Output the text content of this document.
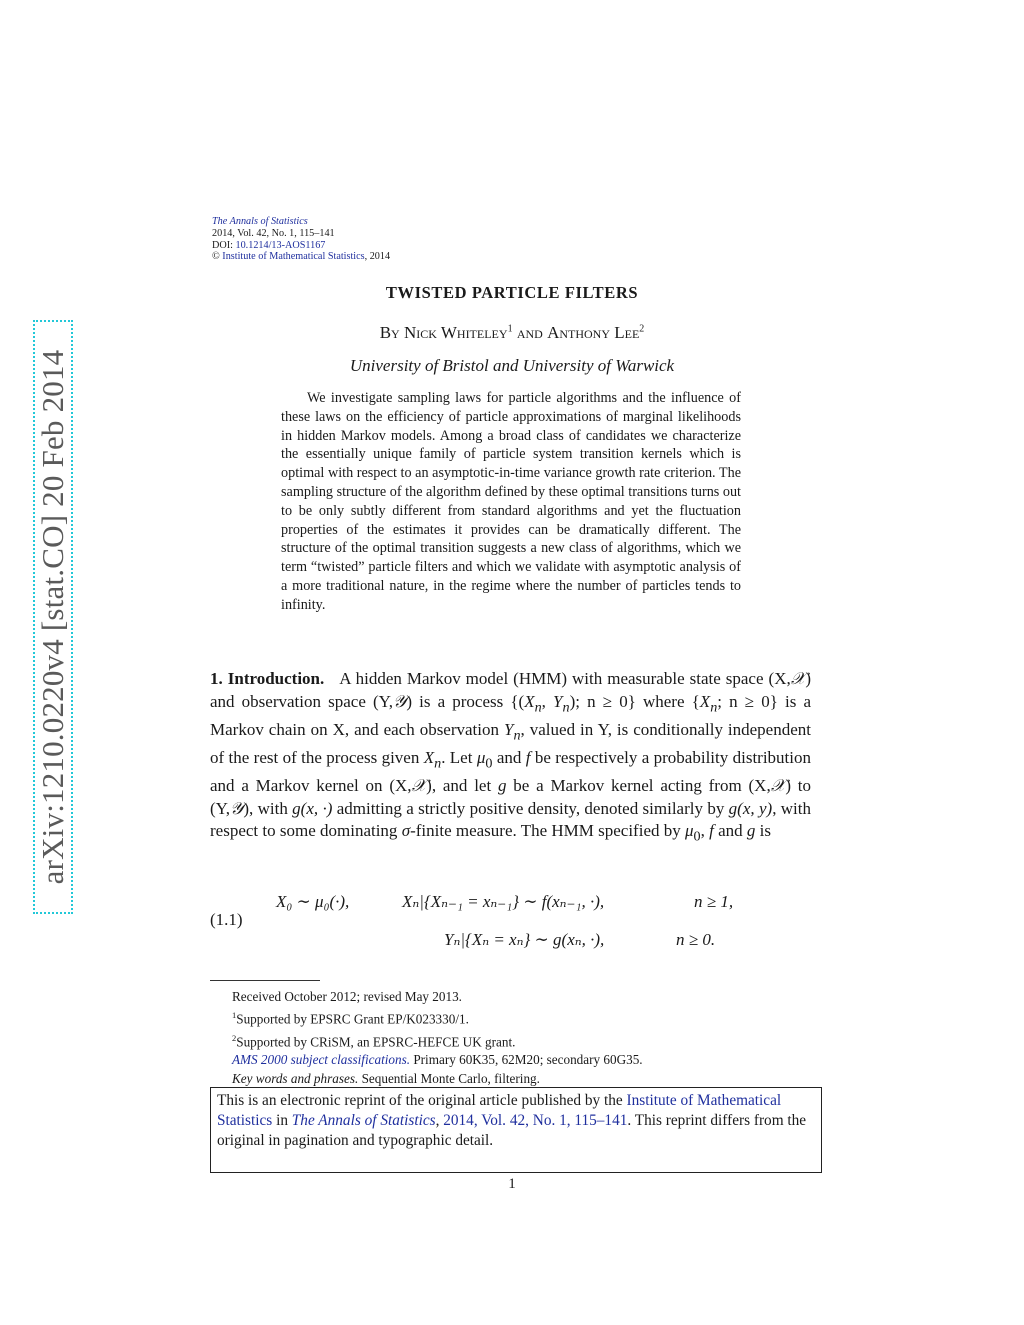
arXiv:1210.0220v4 [stat.CO] 20 Feb 2014
The Annals of Statistics
2014, Vol. 42, No. 1, 115–141
DOI: 10.1214/13-AOS1167
© Institute of Mathematical Statistics, 2014
TWISTED PARTICLE FILTERS
By Nick Whiteley$^1$ and Anthony Lee$^2$
University of Bristol and University of Warwick
We investigate sampling laws for particle algorithms and the influence of these laws on the efficiency of particle approximations of marginal likelihoods in hidden Markov models. Among a broad class of candidates we characterize the essentially unique family of particle system transition kernels which is optimal with respect to an asymptotic-in-time variance growth rate criterion. The sampling structure of the algorithm defined by these optimal transitions turns out to be only subtly different from standard algorithms and yet the fluctuation properties of the estimates it provides can be dramatically different. The structure of the optimal transition suggests a new class of algorithms, which we term “twisted” particle filters and which we validate with asymptotic analysis of a more traditional nature, in the regime where the number of particles tends to infinity.
1. Introduction. A hidden Markov model (HMM) with measurable state space (X,𝒳) and observation space (Y,𝒴) is a process {($X_n$, $Y_n$); n ≥ 0} where {$X_n$; n ≥ 0} is a Markov chain on X, and each observation $Y_n$, valued in Y, is conditionally independent of the rest of the process given $X_n$. Let $\mu_0$ and f be respectively a probability distribution and a Markov kernel on (X,𝒳), and let g be a Markov kernel acting from (X,𝒳) to (Y,𝒴), with g(x, ·) admitting a strictly positive density, denoted similarly by g(x, y), with respect to some dominating σ-finite measure. The HMM specified by $\mu_0$, f and g is
(1.1)
X₀ ∼ μ₀(·),	Xₙ|{Xₙ₋₁ = xₙ₋₁} ∼ f(xₙ₋₁, ·),	n ≥ 1,
Yₙ|{Xₙ = xₙ} ∼ g(xₙ, ·),	n ≥ 0.
Received October 2012; revised May 2013.
$^1$Supported by EPSRC Grant EP/K023330/1.
$^2$Supported by CRiSM, an EPSRC-HEFCE UK grant.
AMS 2000 subject classifications. Primary 60K35, 62M20; secondary 60G35.
Key words and phrases. Sequential Monte Carlo, filtering.
This is an electronic reprint of the original article published by the Institute of Mathematical Statistics in The Annals of Statistics, 2014, Vol. 42, No. 1, 115–141. This reprint differs from the original in pagination and typographic detail.
1
